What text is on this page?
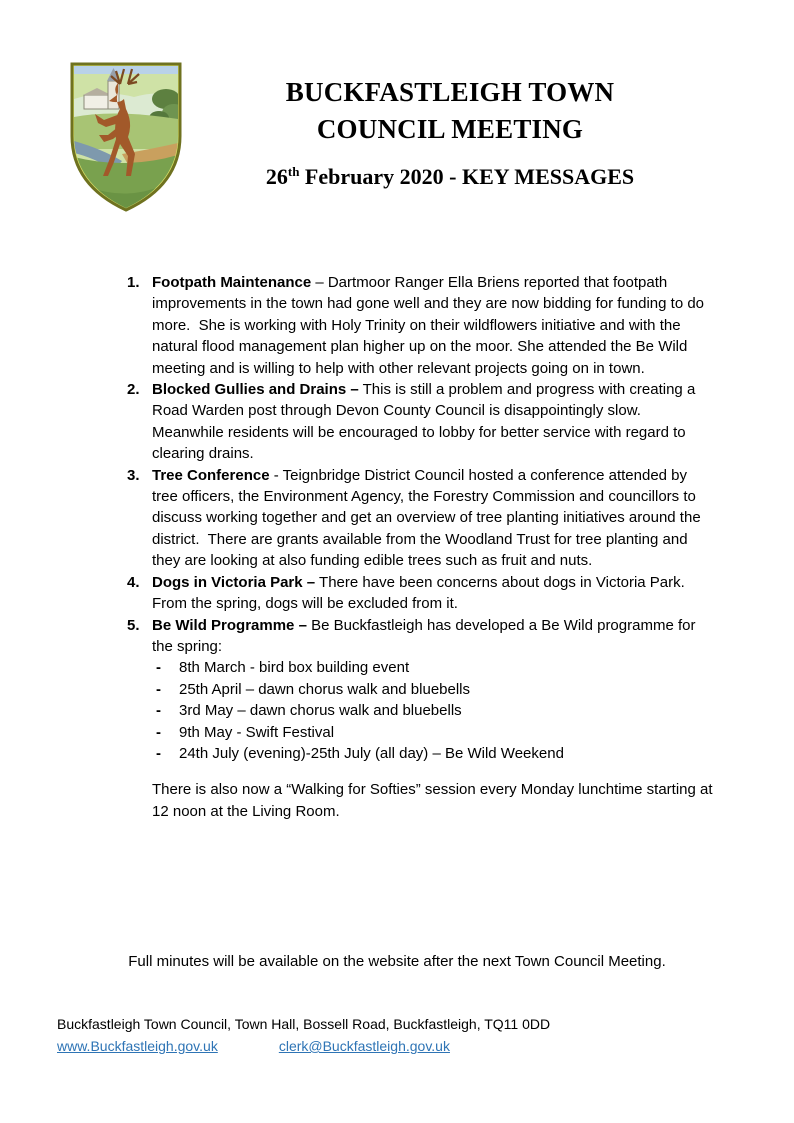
BUCKFASTLEIGH TOWN
COUNCIL MEETING
26th February 2020 - KEY MESSAGES
1. Footpath Maintenance – Dartmoor Ranger Ella Briens reported that footpath improvements in the town had gone well and they are now bidding for funding to do more.  She is working with Holy Trinity on their wildflowers initiative and with the natural flood management plan higher up on the moor. She attended the Be Wild meeting and is willing to help with other relevant projects going on in town.
2. Blocked Gullies and Drains – This is still a problem and progress with creating a Road Warden post through Devon County Council is disappointingly slow.  Meanwhile residents will be encouraged to lobby for better service with regard to clearing drains.
3. Tree Conference - Teignbridge District Council hosted a conference attended by tree officers, the Environment Agency, the Forestry Commission and councillors to discuss working together and get an overview of tree planting initiatives around the district.  There are grants available from the Woodland Trust for tree planting and they are looking at also funding edible trees such as fruit and nuts.
4. Dogs in Victoria Park – There have been concerns about dogs in Victoria Park.  From the spring, dogs will be excluded from it.
5. Be Wild Programme – Be Buckfastleigh has developed a Be Wild programme for the spring:
-	8th March - bird box building event
-	25th April – dawn chorus walk and bluebells
-	3rd May – dawn chorus walk and bluebells
-	9th May - Swift Festival
-	24th July (evening)-25th July (all day) – Be Wild Weekend
There is also now a “Walking for Softies” session every Monday lunchtime starting at 12 noon at the Living Room.
Full minutes will be available on the website after the next Town Council Meeting.
Buckfastleigh Town Council, Town Hall, Bossell Road, Buckfastleigh, TQ11 0DD
www.Buckfastleigh.gov.uk	clerk@Buckfastleigh.gov.uk
